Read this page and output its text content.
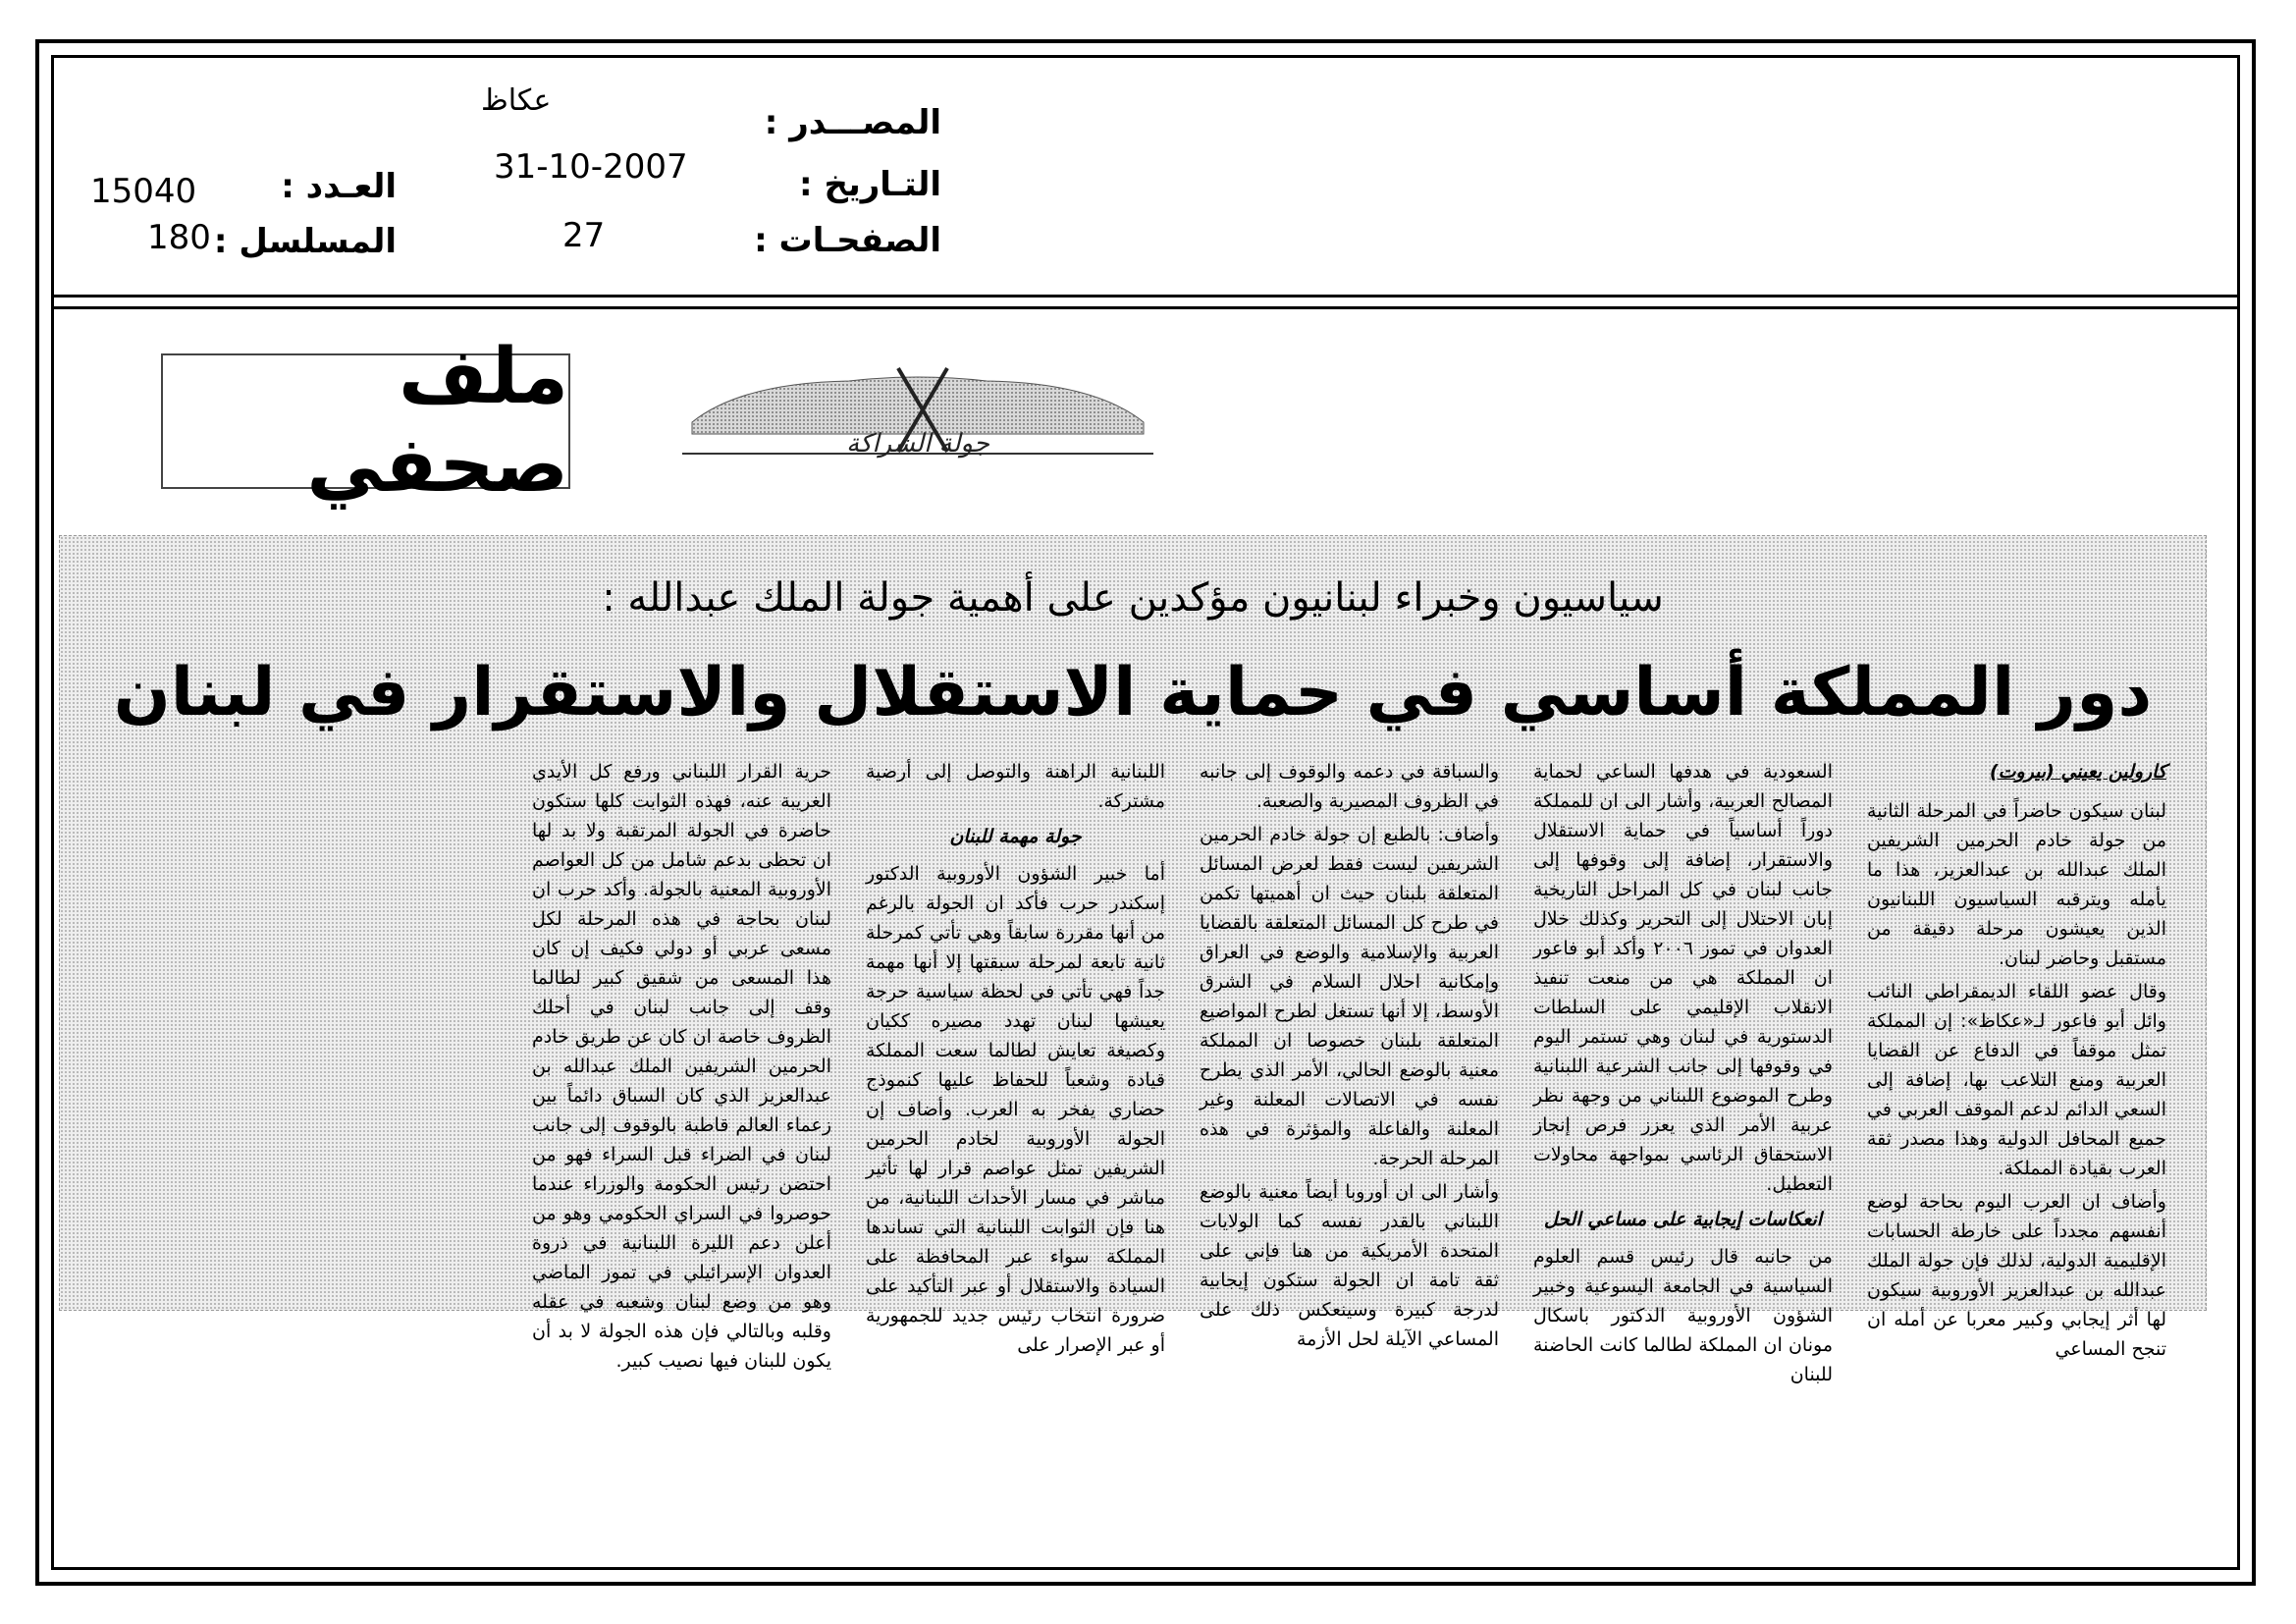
المصـــدر :
عكاظ
التـاريخ :
31-10-2007
الصفحـات :
27
العـدد :
15040
المسلسل :
180
ملف صحفي	جولة الشراكة
سياسيون وخبراء لبنانيون مؤكدين على أهمية جولة الملك عبدالله :
دور المملكة أساسي في حماية الاستقلال والاستقرار في لبنان

كارولين يعيني (بيروت)

لبنان سيكون حاضراً في المرحلة الثانية من جولة خادم الحرمين الشريفين الملك عبدالله بن عبدالعزيز، هذا ما يأمله ويترقبه السياسيون اللبنانيون الذين يعيشون مرحلة دقيقة من مستقبل وحاضر لبنان.

وقال عضو اللقاء الديمقراطي النائب وائل أبو فاعور لـ«عكاظ»: إن المملكة تمثل موقفاً في الدفاع عن القضايا العربية ومنع التلاعب بها، إضافة إلى السعي الدائم لدعم الموقف العربي في جميع المحافل الدولية وهذا مصدر ثقة العرب بقيادة المملكة.

وأضاف ان العرب اليوم بحاجة لوضع أنفسهم مجدداً على خارطة الحسابات الإقليمية الدولية، لذلك فإن جولة الملك عبدالله بن عبدالعزيز الأوروبية سيكون لها أثر إيجابي وكبير معربا عن أمله ان تنجح المساعي

السعودية في هدفها الساعي لحماية المصالح العربية، وأشار الى ان للمملكة دوراً أساسياً في حماية الاستقلال والاستقرار، إضافة إلى وقوفها إلى جانب لبنان في كل المراحل التاريخية إبان الاحتلال إلى التحرير وكذلك خلال العدوان في تموز ٢٠٠٦ وأكد أبو فاعور ان المملكة هي من منعت تنفيذ الانقلاب الإقليمي على السلطات الدستورية في لبنان وهي تستمر اليوم في وقوفها إلى جانب الشرعية اللبنانية وطرح الموضوع اللبناني من وجهة نظر عربية الأمر الذي يعزز فرص إنجاز الاستحقاق الرئاسي بمواجهة محاولات التعطيل.

انعكاسات إيجابية على مساعي الحل

من جانبه قال رئيس قسم العلوم السياسية في الجامعة اليسوعية وخبير الشؤون الأوروبية الدكتور باسكال مونان ان المملكة لطالما كانت الحاضنة للبنان

والسباقة في دعمه والوقوف إلى جانبه في الظروف المصيرية والصعبة.

وأضاف: بالطبع إن جولة خادم الحرمين الشريفين ليست فقط لعرض المسائل المتعلقة بلبنان حيث ان أهميتها تكمن في طرح كل المسائل المتعلقة بالقضايا العربية والإسلامية والوضع في العراق وإمكانية احلال السلام في الشرق الأوسط، إلا أنها تستغل لطرح المواضيع المتعلقة بلبنان خصوصا ان المملكة معنية بالوضع الحالي، الأمر الذي يطرح نفسه في الاتصالات المعلنة وغير المعلنة والفاعلة والمؤثرة في هذه المرحلة الحرجة.

وأشار الى ان أوروبا أيضاً معنية بالوضع اللبناني بالقدر نفسه كما الولايات المتحدة الأمريكية من هنا فإني على ثقة تامة ان الجولة ستكون إيجابية لدرجة كبيرة وسينعكس ذلك على المساعي الآيلة لحل الأزمة

اللبنانية الراهنة والتوصل إلى أرضية مشتركة.

جولة مهمة للبنان

أما خبير الشؤون الأوروبية الدكتور إسكندر حرب فأكد ان الجولة بالرغم من أنها مقررة سابقاً وهي تأتي كمرحلة ثانية تابعة لمرحلة سبقتها إلا أنها مهمة جداً فهي تأتي في لحظة سياسية حرجة يعيشها لبنان تهدد مصيره ككيان وكصيغة تعايش لطالما سعت المملكة قيادة وشعباً للحفاظ عليها كنموذج حضاري يفخر به العرب. وأضاف إن الجولة الأوروبية لخادم الحرمين الشريفين تمثل عواصم قرار لها تأثير مباشر في مسار الأحداث اللبنانية، من هنا فإن الثوابت اللبنانية التي تساندها المملكة سواء عبر المحافظة على السيادة والاستقلال أو عبر التأكيد على ضرورة انتخاب رئيس جديد للجمهورية أو عبر الإصرار على

حرية القرار اللبناني ورفع كل الأيدي الغريبة عنه، فهذه الثوابت كلها ستكون حاضرة في الجولة المرتقبة ولا بد لها ان تحظى بدعم شامل من كل العواصم الأوروبية المعنية بالجولة. وأكد حرب ان لبنان بحاجة في هذه المرحلة لكل مسعى عربي أو دولي فكيف إن كان هذا المسعى من شقيق كبير لطالما وقف إلى جانب لبنان في أحلك الظروف خاصة ان كان عن طريق خادم الحرمين الشريفين الملك عبدالله بن عبدالعزيز الذي كان السباق دائماً بين زعماء العالم قاطبة بالوقوف إلى جانب لبنان في الضراء قبل السراء فهو من احتضن رئيس الحكومة والوزراء عندما حوصروا في السراي الحكومي وهو من أعلن دعم الليرة اللبنانية في ذروة العدوان الإسرائيلي في تموز الماضي وهو من وضع لبنان وشعبه في عقله وقلبه وبالتالي فإن هذه الجولة لا بد أن يكون للبنان فيها نصيب كبير.
